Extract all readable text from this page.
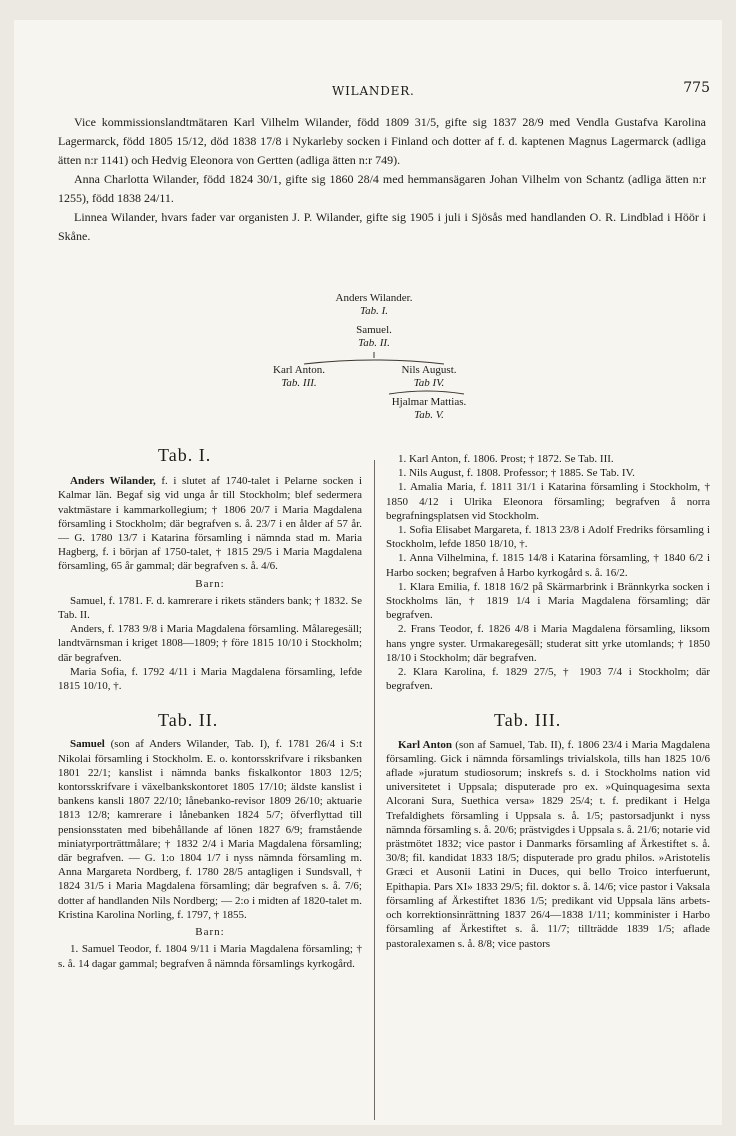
WILANDER.	775

Vice kommissionslandtmätaren Karl Vilhelm Wilander, född 1809 31/5, gifte sig 1837 28/9 med Vendla Gustafva Karolina Lagermarck, född 1805 15/12, död 1838 17/8 i Nykarleby socken i Finland och dotter af f. d. kaptenen Magnus Lagermarck (adliga ätten n:r 1141) och Hedvig Eleonora von Gertten (adliga ätten n:r 749).

Anna Charlotta Wilander, född 1824 30/1, gifte sig 1860 28/4 med hemmansägaren Johan Vilhelm von Schantz (adliga ätten n:r 1255), född 1838 24/11.

Linnea Wilander, hvars fader var organisten J. P. Wilander, gifte sig 1905 i juli i Sjösås med handlanden O. R. Lindblad i Höör i Skåne.

Anders Wilander.
Tab. I.
Samuel.
Tab. II.
Karl Anton.
Tab. III.
Nils August.
Tab IV.
Hjalmar Mattias.
Tab. V.

Tab. I.

Anders Wilander, f. i slutet af 1740-talet i Pelarne socken i Kalmar län. Begaf sig vid unga år till Stockholm; blef sedermera vaktmästare i kammarkollegium; † 1806 20/7 i Maria Magdalena församling i Stockholm; där begrafven s. å. 23/7 i en ålder af 57 år. — G. 1780 13/7 i Katarina församling i nämnda stad m. Maria Hagberg, f. i början af 1750-talet, † 1815 29/5 i Maria Magdalena församling, 65 år gammal; där begrafven s. å. 4/6.

Barn:

Samuel, f. 1781. F. d. kamrerare i rikets ständers bank; † 1832. Se Tab. II.

Anders, f. 1783 9/8 i Maria Magdalena församling. Målaregesäll; landtvärnsman i kriget 1808—1809; † före 1815 10/10 i Stockholm; där begrafven.

Maria Sofia, f. 1792 4/11 i Maria Magdalena församling, lefde 1815 10/10, †.

Tab. II.

Samuel (son af Anders Wilander, Tab. I), f. 1781 26/4 i S:t Nikolai församling i Stockholm. E. o. kontorsskrifvare i riksbanken 1801 22/1; kanslist i nämnda banks fiskalkontor 1803 12/5; kontorsskrifvare i växelbankskontoret 1805 17/10; äldste kanslist i bankens kansli 1807 22/10; lånebanko-revisor 1809 26/10; aktuarie 1813 12/8; kamrerare i lånebanken 1824 5/7; öfverflyttad till pensionsstaten med bibehållande af lönen 1827 6/9; framstående miniatyrporträttmålare; † 1832 2/4 i Maria Magdalena församling; där begrafven. — G. 1:o 1804 1/7 i nyss nämnda församling m. Anna Margareta Nordberg, f. 1780 28/5 antagligen i Sundsvall, † 1824 31/5 i Maria Magdalena församling; där begrafven s. å. 7/6; dotter af handlanden Nils Nordberg; — 2:o i midten af 1820-talet m. Kristina Karolina Norling, f. 1797, † 1855.

Barn:

1. Samuel Teodor, f. 1804 9/11 i Maria Magdalena församling; † s. å. 14 dagar gammal; begrafven å nämnda församlings kyrkogård.

1. Karl Anton, f. 1806. Prost; † 1872. Se Tab. III.

1. Nils August, f. 1808. Professor; † 1885. Se Tab. IV.

1. Amalia Maria, f. 1811 31/1 i Katarina församling i Stockholm, † 1850 4/12 i Ulrika Eleonora församling; begrafven å norra begrafningsplatsen vid Stockholm.

1. Sofia Elisabet Margareta, f. 1813 23/8 i Adolf Fredriks församling i Stockholm, lefde 1850 18/10, †.

1. Anna Vilhelmina, f. 1815 14/8 i Katarina församling, † 1840 6/2 i Harbo socken; begrafven å Harbo kyrkogård s. å. 16/2.

1. Klara Emilia, f. 1818 16/2 på Skärmarbrink i Brännkyrka socken i Stockholms län, † 1819 1/4 i Maria Magdalena församling; där begrafven.

2. Frans Teodor, f. 1826 4/8 i Maria Magdalena församling, liksom hans yngre syster. Urmakaregesäll; studerat sitt yrke utomlands; † 1850 18/10 i Stockholm; där begrafven.

2. Klara Karolina, f. 1829 27/5, † 1903 7/4 i Stockholm; där begrafven.

Tab. III.

Karl Anton (son af Samuel, Tab. II), f. 1806 23/4 i Maria Magdalena församling. Gick i nämnda församlings trivialskola, tills han 1825 10/6 aflade »juratum studiosorum; inskrefs s. d. i Stockholms nation vid universitetet i Uppsala; disputerade pro ex. »Quinquagesima sexta Alcorani Sura, Suethica versa» 1829 25/4; t. f. predikant i Helga Trefaldighets församling i Uppsala s. å. 1/5; pastorsadjunkt i nyss nämnda församling s. å. 20/6; prästvigdes i Uppsala s. å. 21/6; notarie vid prästmötet 1832; vice pastor i Danmarks församling af Ärkestiftet s. å. 30/8; fil. kandidat 1833 18/5; disputerade pro gradu philos. »Aristotelis Græci et Ausonii Latini in Duces, qui bello Troico interfuerunt, Epithapia. Pars XI» 1833 29/5; fil. doktor s. å. 14/6; vice pastor i Vaksala församling af Ärkestiftet 1836 1/5; predikant vid Uppsala läns arbets- och korrektionsinrättning 1837 26/4—1838 1/11; komminister i Harbo församling af Ärkestiftet s. å. 11/7; tillträdde 1839 1/5; aflade pastoralexamen s. å. 8/8; vice pastors
